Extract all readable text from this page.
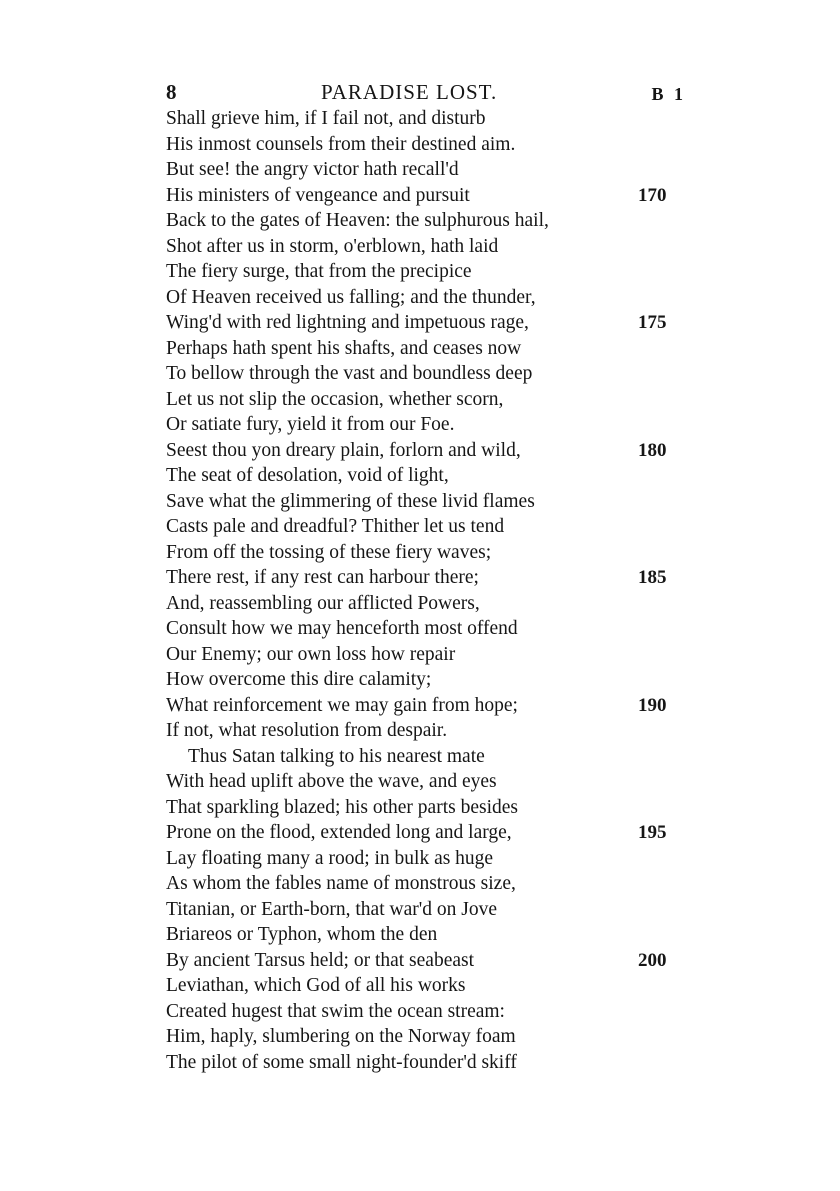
8	PARADISE LOST.	B 1
Shall grieve him, if I fail not, and disturb
His inmost counsels from their destined aim.
But see! the angry victor hath recall'd
His ministers of vengeance and pursuit	170
Back to the gates of Heaven: the sulphurous hail,
Shot after us in storm, o'erblown, hath laid
The fiery surge, that from the precipice
Of Heaven received us falling; and the thunder,
Wing'd with red lightning and impetuous rage,	175
Perhaps hath spent his shafts, and ceases now
To bellow through the vast and boundless deep
Let us not slip the occasion, whether scorn,
Or satiate fury, yield it from our Foe.
Seest thou yon dreary plain, forlorn and wild,	180
The seat of desolation, void of light,
Save what the glimmering of these livid flames
Casts pale and dreadful? Thither let us tend
From off the tossing of these fiery waves;
There rest, if any rest can harbour there;	185
And, reassembling our afflicted Powers,
Consult how we may henceforth most offend
Our Enemy; our own loss how repair
How overcome this dire calamity;
What reinforcement we may gain from hope;	190
If not, what resolution from despair.
Thus Satan talking to his nearest mate
With head uplift above the wave, and eyes
That sparkling blazed; his other parts besides
Prone on the flood, extended long and large,	195
Lay floating many a rood; in bulk as huge
As whom the fables name of monstrous size,
Titanian, or Earth-born, that war'd on Jove
Briareos or Typhon, whom the den
By ancient Tarsus held; or that seabeast	200
Leviathan, which God of all his works
Created hugest that swim the ocean stream:
Him, haply, slumbering on the Norway foam
The pilot of some small night-founder'd skiff
